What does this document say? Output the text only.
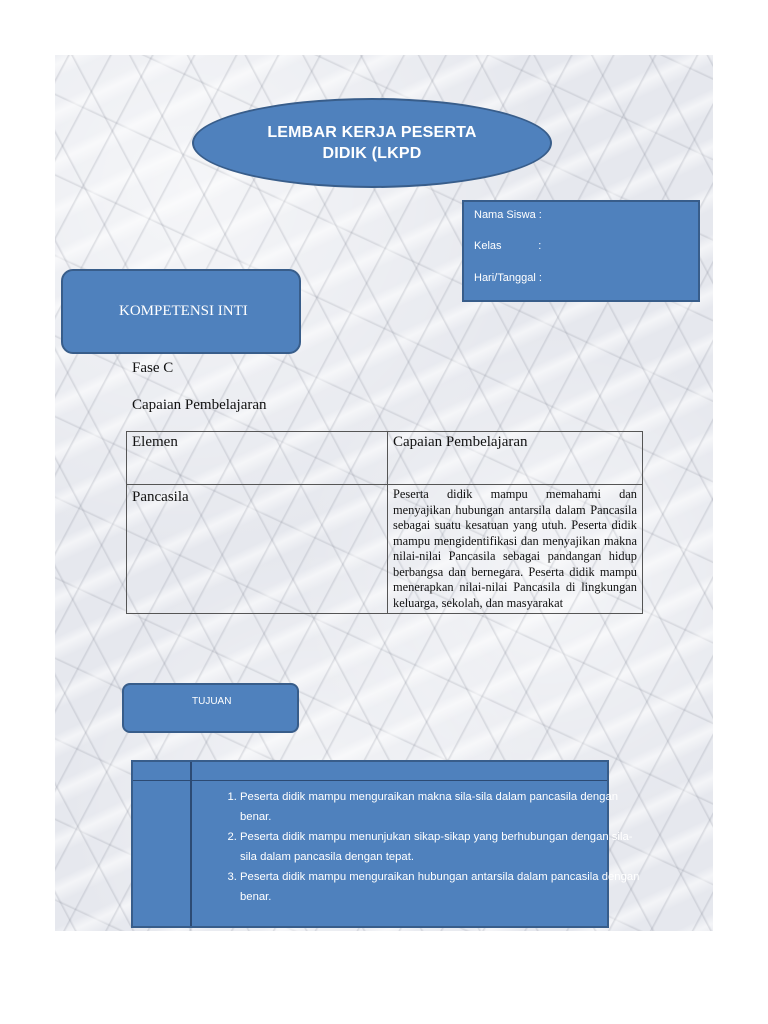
LEMBAR KERJA PESERTA
DIDIK (LKPD
Nama Siswa :
Kelas            :
Hari/Tanggal :
KOMPETENSI INTI
Fase C
Capaian Pembelajaran
Elemen	Capaian Pembelajaran
Pancasila	Peserta didik mampu memahami dan menyajikan hubungan antarsila dalam Pancasila sebagai suatu kesatuan yang utuh. Peserta didik mampu mengidentifikasi dan menyajikan makna nilai-nilai Pancasila sebagai pandangan hidup berbangsa dan bernegara. Peserta didik mampu menerapkan nilai-nilai Pancasila di lingkungan keluarga, sekolah, dan masyarakat
TUJUAN
1. Peserta didik mampu menguraikan makna sila-sila dalam pancasila dengan benar.
2. Peserta didik mampu menunjukan sikap-sikap yang berhubungan dengan sila-sila dalam pancasila dengan tepat.
3. Peserta didik mampu menguraikan hubungan antarsila dalam pancasila dengan benar.
